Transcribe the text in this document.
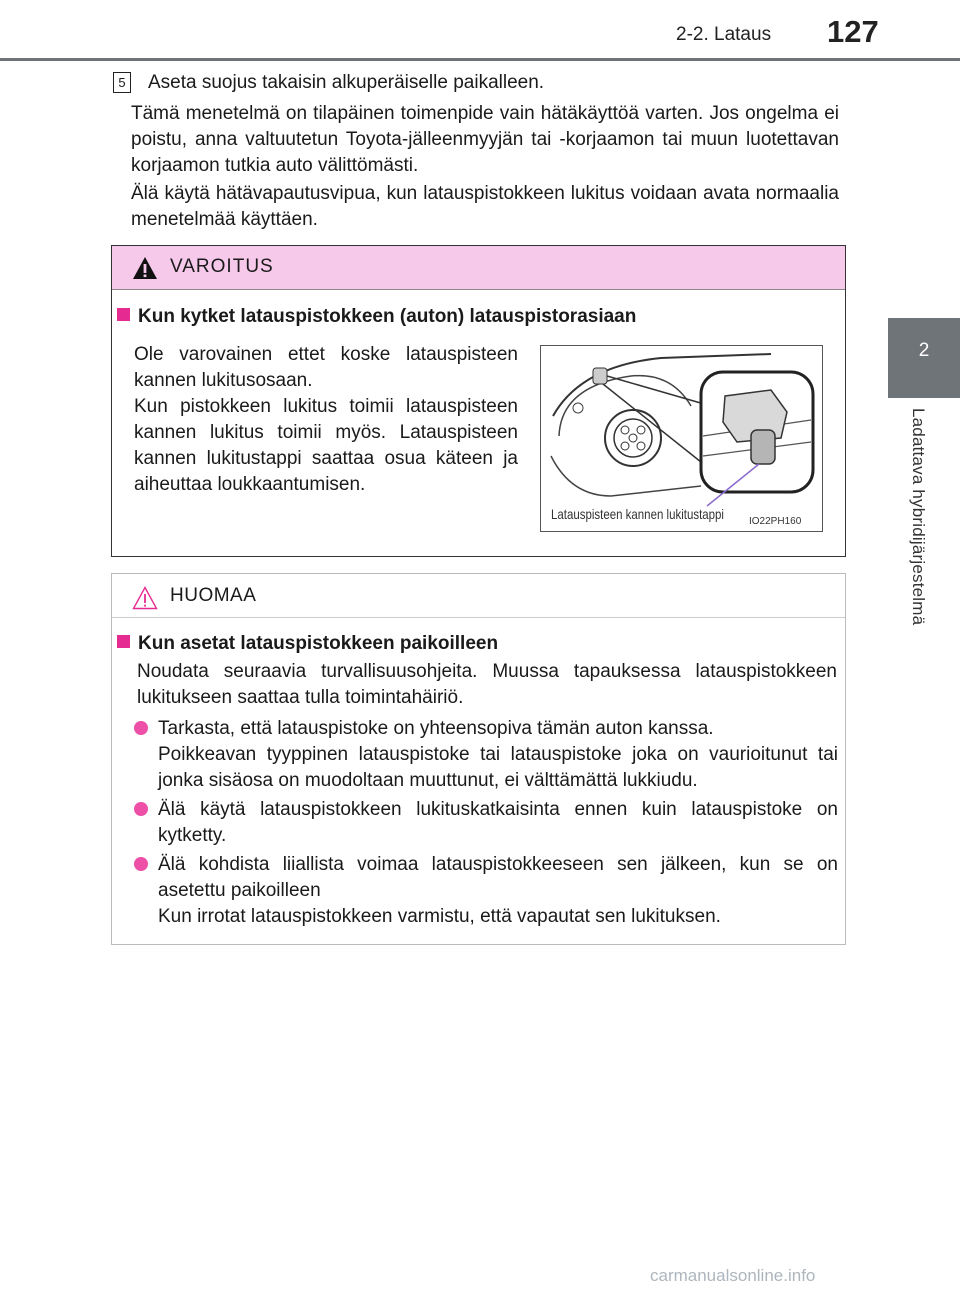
2-2. Lataus 127
2
Ladattava hybridijärjestelmä
5 Aseta suojus takaisin alkuperäiselle paikalleen.

Tämä menetelmä on tilapäinen toimenpide vain hätäkäyttöä varten. Jos ongelma ei poistu, anna valtuutetun Toyota-jälleenmyyjän tai -korjaamon tai muun luotettavan korjaamon tutkia auto välittömästi.

Älä käytä hätävapautusvipua, kun latauspistokkeen lukitus voidaan avata normaalia menetelmää käyttäen.

VAROITUS
Kun kytket latauspistokkeen (auton) latauspistorasiaan

Ole varovainen ettet koske latauspisteen kannen lukitusosaan.

Kun pistokkeen lukitus toimii latauspisteen kannen lukitus toimii myös. Latauspisteen kannen lukitustappi saattaa osua käteen ja aiheuttaa loukkaantumisen.

Latauspisteen kannen lukitustappi	IO22PH160
HUOMAA
Kun asetat latauspistokkeen paikoilleen

Noudata seuraavia turvallisuusohjeita. Muussa tapauksessa latauspistokkeen lukitukseen saattaa tulla toimintahäiriö.

Tarkasta, että latauspistoke on yhteensopiva tämän auton kanssa.
Poikkeavan tyyppinen latauspistoke tai latauspistoke joka on vaurioitunut tai jonka sisäosa on muodoltaan muuttunut, ei välttämättä lukkiudu.

Älä käytä latauspistokkeen lukituskatkaisinta ennen kuin latauspistoke on kytketty.

Älä kohdista liiallista voimaa latauspistokkeeseen sen jälkeen, kun se on asetettu paikoilleen
Kun irrotat latauspistokkeen varmistu, että vapautat sen lukituksen.

carmanualsonline.info
